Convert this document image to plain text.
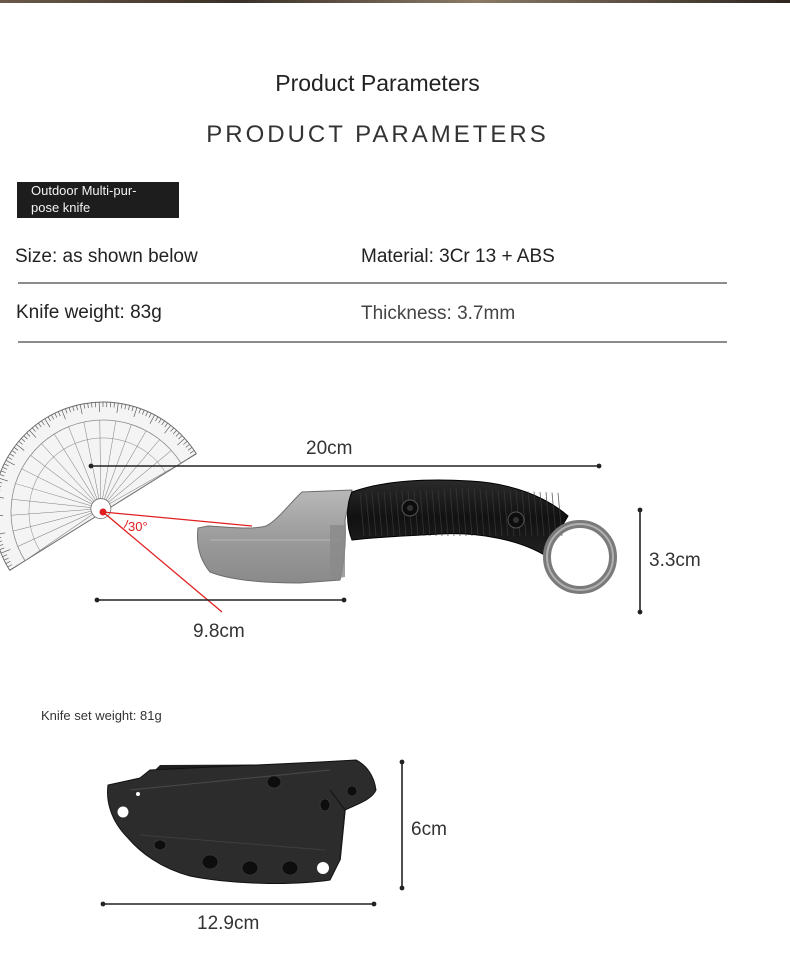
Product Parameters
PRODUCT PARAMETERS
Outdoor Multi-pur-
pose knife
Size: as shown below	Material: 3Cr 13 + ABS
Knife weight: 83g	Thickness: 3.7mm
30°
20cm
9.8cm
3.3cm
Knife set weight: 81g
6cm
12.9cm
